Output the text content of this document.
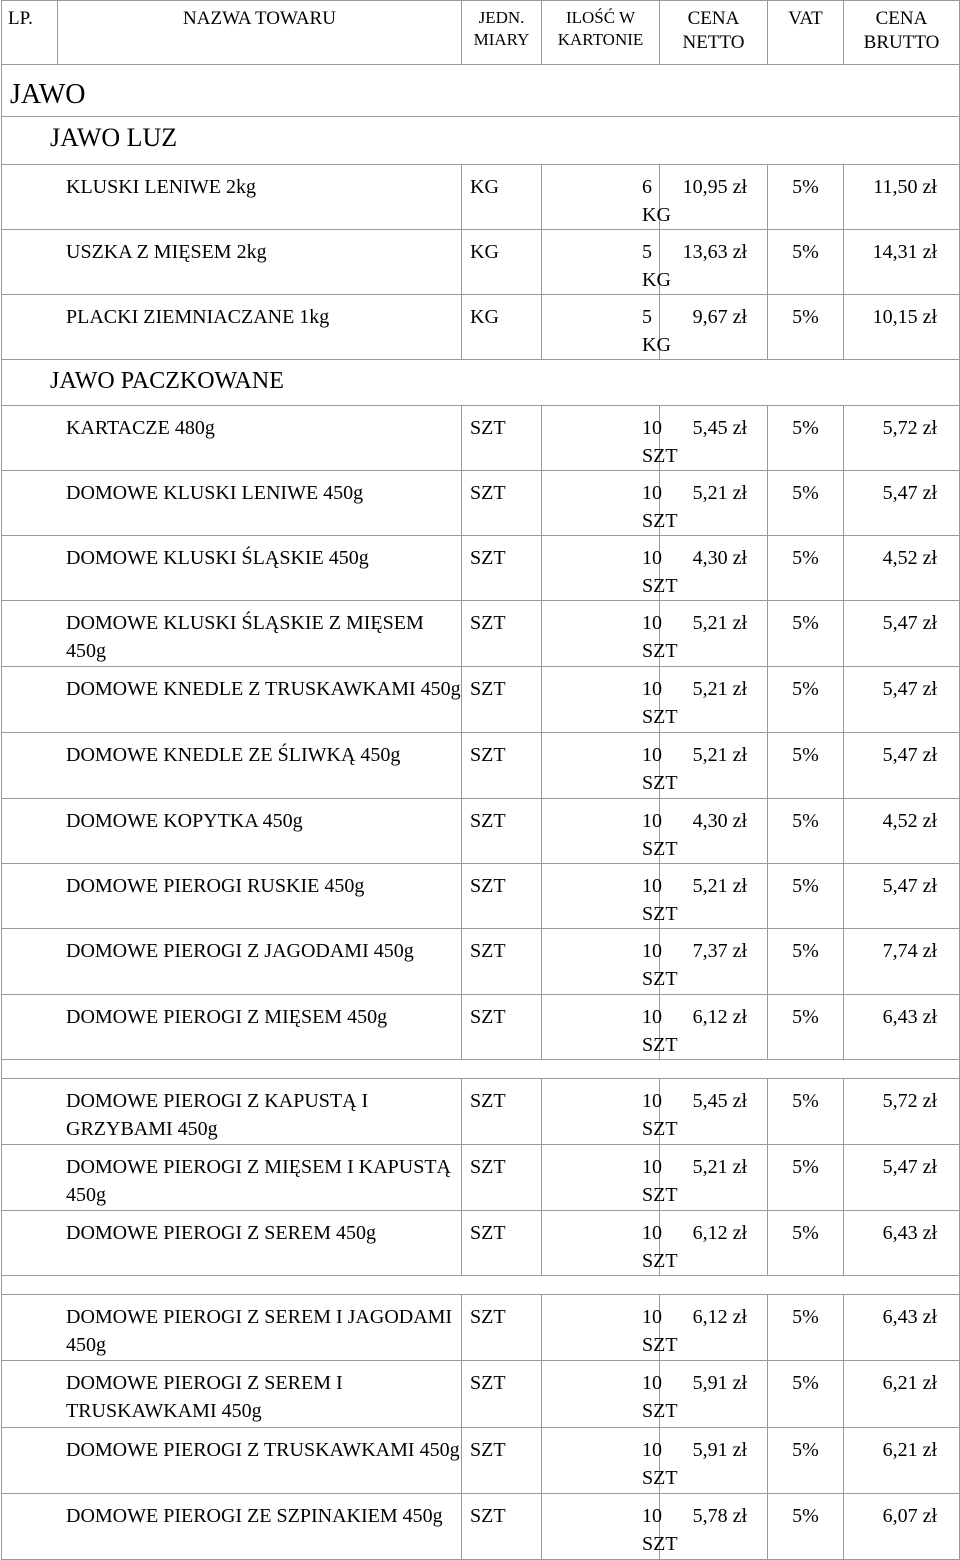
LP.	NAZWA TOWARU	JEDN. MIARY	ILOŚĆ W KARTONIE	CENA NETTO	VAT	CENA BRUTTO
JAWO						
JAWO LUZ						
KLUSKI LENIWE 2kg		KG	6 KG	10,95 zł	5%	11,50 zł
USZKA Z MIĘSEM 2kg		KG	5 KG	13,63 zł	5%	14,31 zł
PLACKI ZIEMNIACZANE 1kg		KG	5 KG	9,67 zł	5%	10,15 zł
JAWO PACZKOWANE						
KARTACZE 480g		SZT	10 SZT	5,45 zł	5%	5,72 zł
DOMOWE KLUSKI LENIWE 450g		SZT	10 SZT	5,21 zł	5%	5,47 zł
DOMOWE KLUSKI ŚLĄSKIE 450g		SZT	10 SZT	4,30 zł	5%	4,52 zł
DOMOWE KLUSKI ŚLĄSKIE Z MIĘSEM 450g		SZT	10 SZT	5,21 zł	5%	5,47 zł
DOMOWE KNEDLE Z TRUSKAWKAMI 450g		SZT	10 SZT	5,21 zł	5%	5,47 zł
DOMOWE KNEDLE ZE ŚLIWKĄ 450g		SZT	10 SZT	5,21 zł	5%	5,47 zł
DOMOWE KOPYTKA 450g		SZT	10 SZT	4,30 zł	5%	4,52 zł
DOMOWE PIEROGI RUSKIE 450g		SZT	10 SZT	5,21 zł	5%	5,47 zł
DOMOWE PIEROGI Z JAGODAMI 450g		SZT	10 SZT	7,37 zł	5%	7,74 zł
DOMOWE PIEROGI Z MIĘSEM 450g		SZT	10 SZT	6,12 zł	5%	6,43 zł

DOMOWE PIEROGI Z KAPUSTĄ I GRZYBAMI 450g		SZT	10 SZT	5,45 zł	5%	5,72 zł
DOMOWE PIEROGI Z MIĘSEM I KAPUSTĄ 450g		SZT	10 SZT	5,21 zł	5%	5,47 zł
DOMOWE PIEROGI Z SEREM 450g		SZT	10 SZT	6,12 zł	5%	6,43 zł

DOMOWE PIEROGI Z SEREM I JAGODAMI 450g		SZT	10 SZT	6,12 zł	5%	6,43 zł
DOMOWE PIEROGI Z SEREM I TRUSKAWKAMI 450g		SZT	10 SZT	5,91 zł	5%	6,21 zł
DOMOWE PIEROGI Z TRUSKAWKAMI 450g		SZT	10 SZT	5,91 zł	5%	6,21 zł
DOMOWE PIEROGI ZE SZPINAKIEM 450g		SZT	10 SZT	5,78 zł	5%	6,07 zł
